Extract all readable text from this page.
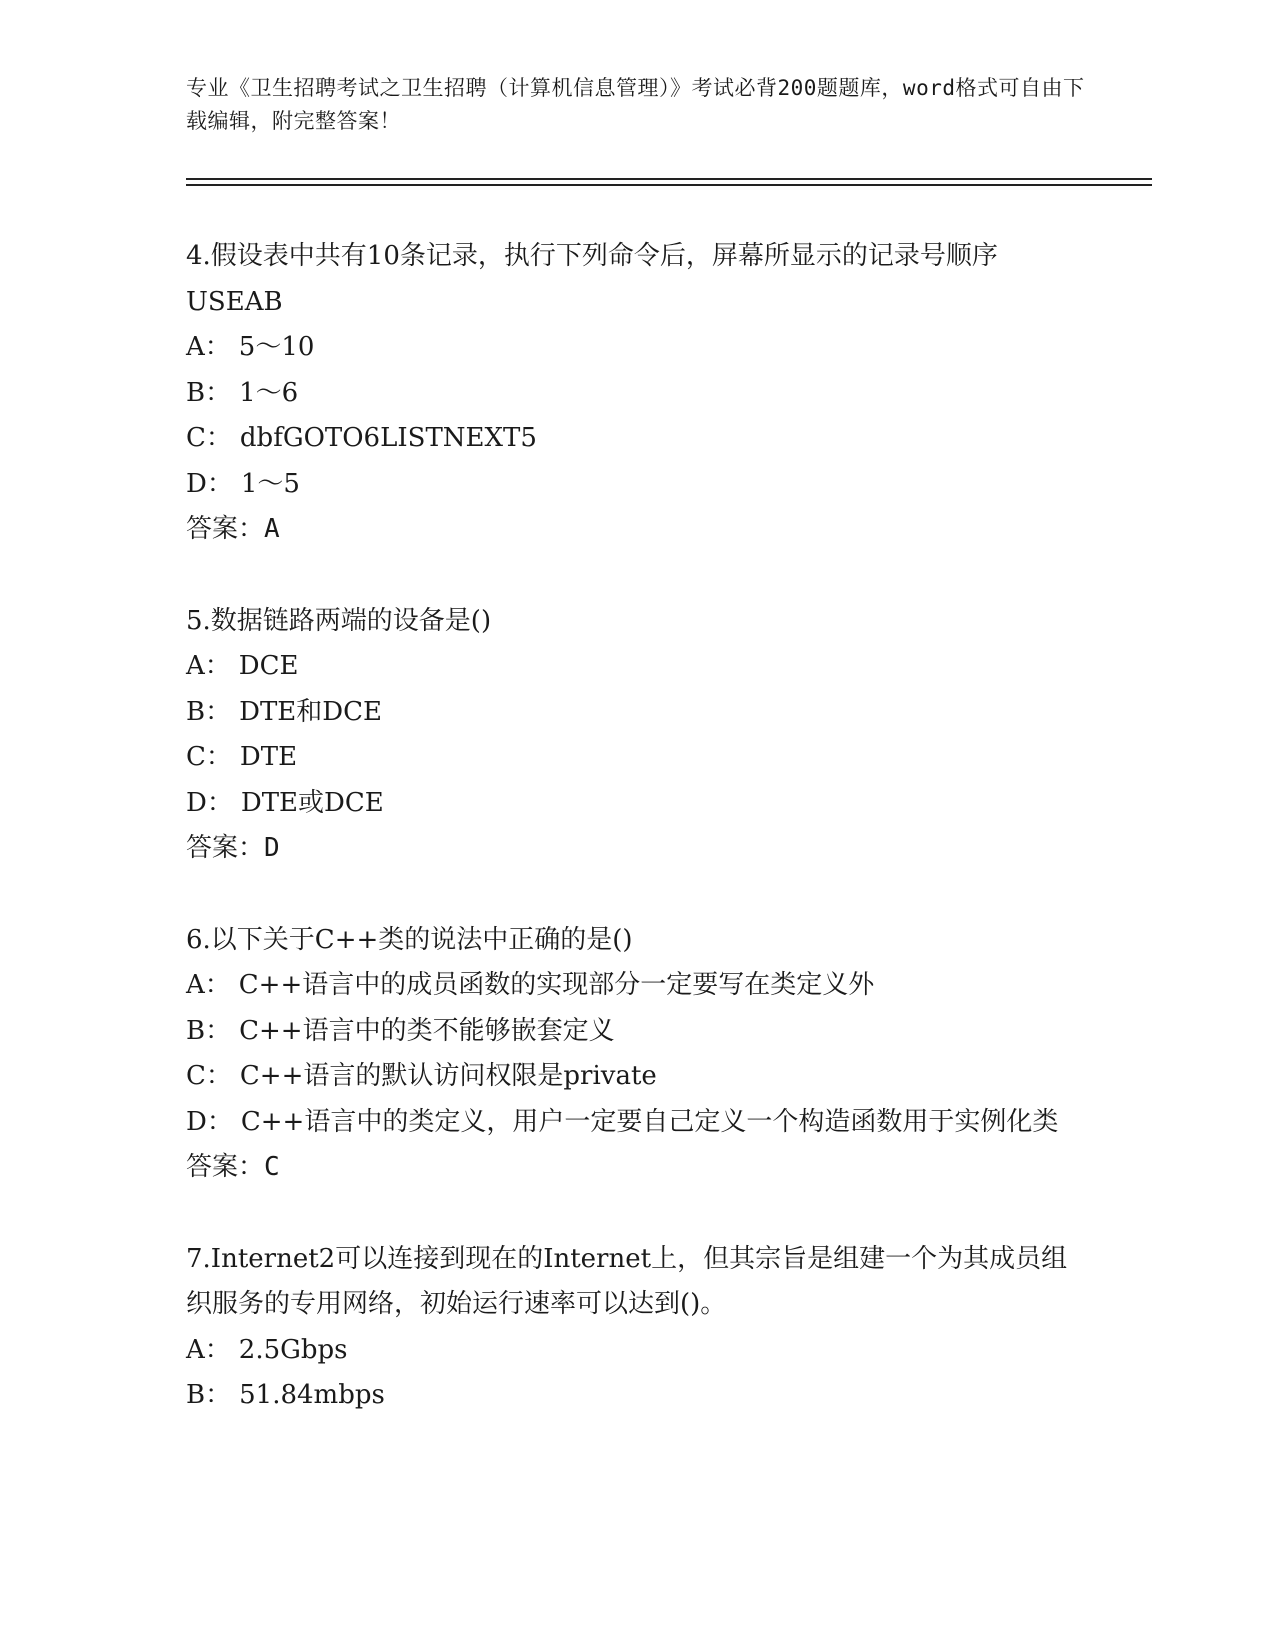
专业《卫生招聘考试之卫生招聘（计算机信息管理）》考试必背200题题库，word格式可自由下载编辑，附完整答案！
4.假设表中共有10条记录，执行下列命令后，屏幕所显示的记录号顺序USEAB
A： 5～10
B： 1～6
C： dbfGOTO6LISTNEXT5
D： 1～5
答案：A
5.数据链路两端的设备是()
A： DCE
B： DTE和DCE
C： DTE
D： DTE或DCE
答案：D
6.以下关于C++类的说法中正确的是()
A： C++语言中的成员函数的实现部分一定要写在类定义外
B： C++语言中的类不能够嵌套定义
C： C++语言的默认访问权限是private
D： C++语言中的类定义，用户一定要自己定义一个构造函数用于实例化类
答案：C
7.Internet2可以连接到现在的Internet上，但其宗旨是组建一个为其成员组织服务的专用网络，初始运行速率可以达到()。
A： 2.5Gbps
B： 51.84mbps
